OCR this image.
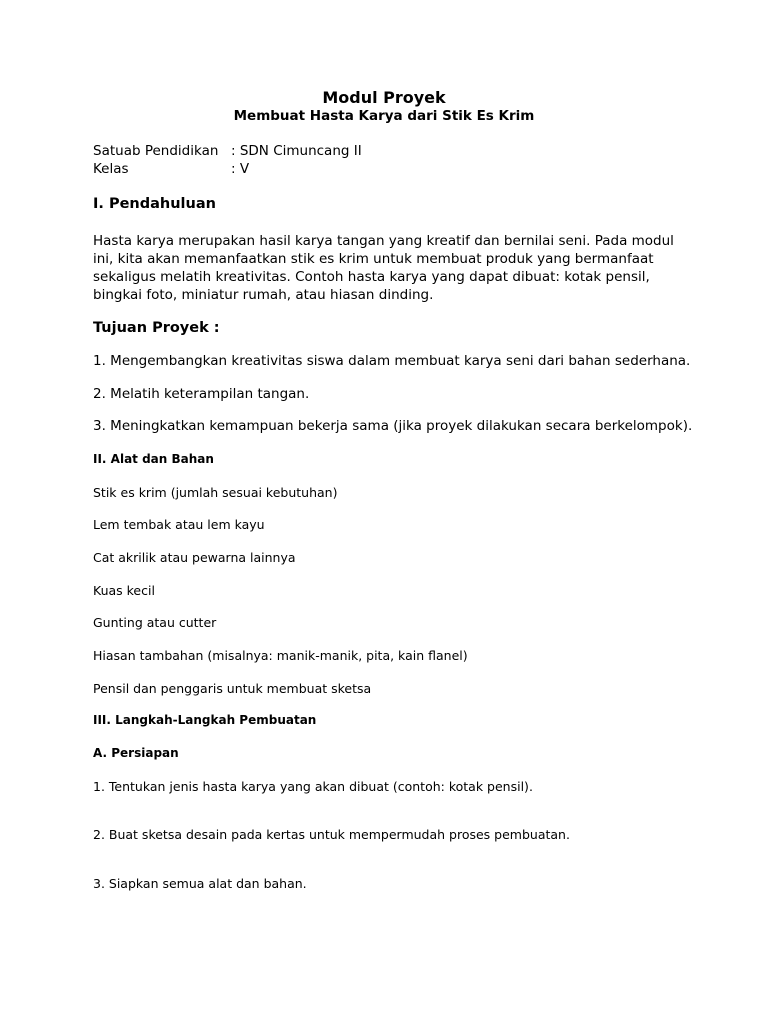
Modul Proyek
Membuat Hasta Karya dari Stik Es Krim
Satuab Pendidikan : SDN Cimuncang II
Kelas	: V
I. Pendahuluan
Hasta karya merupakan hasil karya tangan yang kreatif dan bernilai seni. Pada modul ini, kita akan memanfaatkan stik es krim untuk membuat produk yang bermanfaat sekaligus melatih kreativitas. Contoh hasta karya yang dapat dibuat: kotak pensil, bingkai foto, miniatur rumah, atau hiasan dinding.
Tujuan Proyek :
1. Mengembangkan kreativitas siswa dalam membuat karya seni dari bahan sederhana.
2. Melatih keterampilan tangan.
3. Meningkatkan kemampuan bekerja sama (jika proyek dilakukan secara berkelompok).
II. Alat dan Bahan
Stik es krim (jumlah sesuai kebutuhan)
Lem tembak atau lem kayu
Cat akrilik atau pewarna lainnya
Kuas kecil
Gunting atau cutter
Hiasan tambahan (misalnya: manik-manik, pita, kain flanel)
Pensil dan penggaris untuk membuat sketsa
III. Langkah-Langkah Pembuatan
A. Persiapan
1. Tentukan jenis hasta karya yang akan dibuat (contoh: kotak pensil).
2. Buat sketsa desain pada kertas untuk mempermudah proses pembuatan.
3. Siapkan semua alat dan bahan.
